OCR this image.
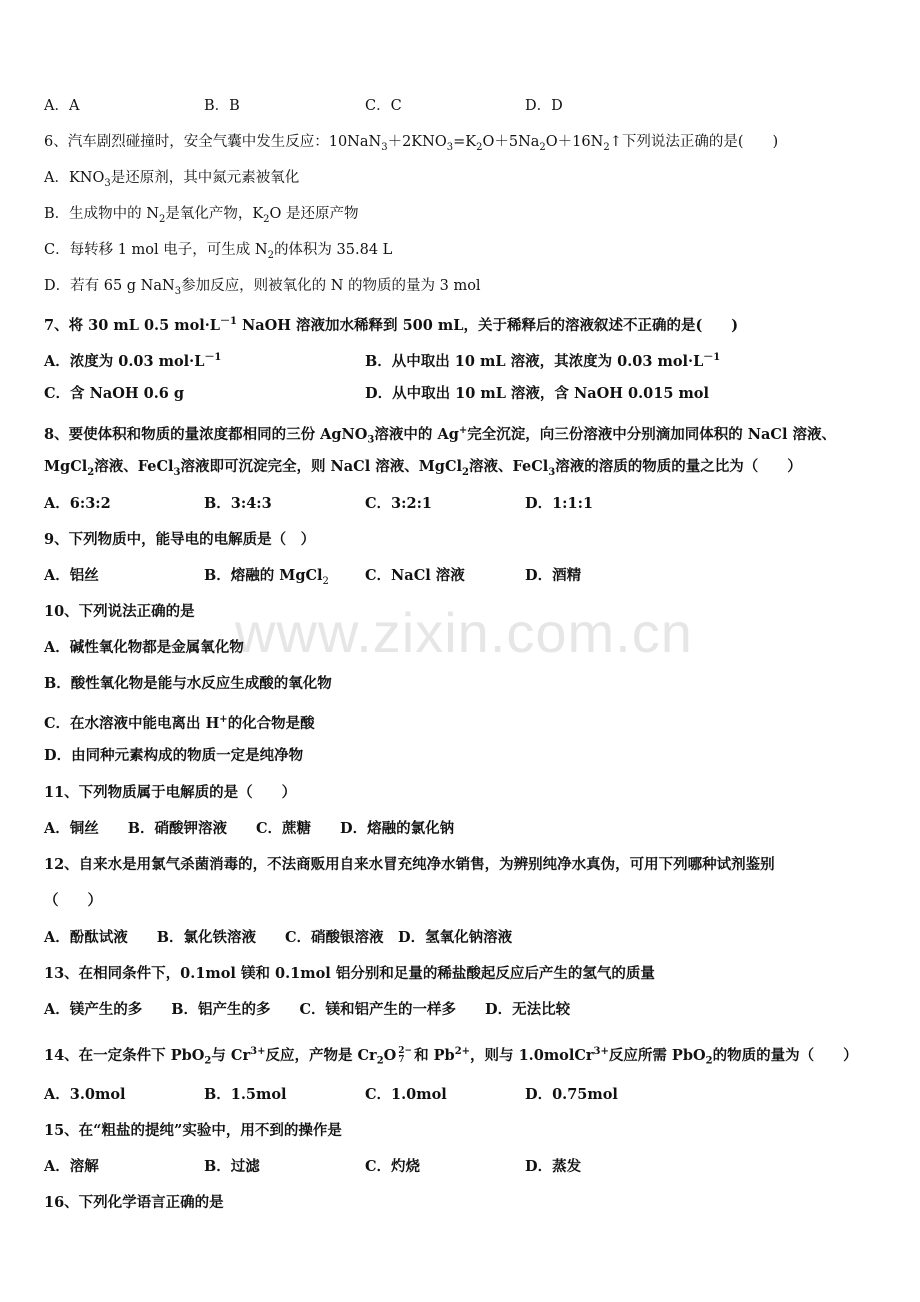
www.zixin.com.cn
A．A	B．B	C．C	D．D
6、汽车剧烈碰撞时，安全气囊中发生反应：$10NaN_3+2KNO_3=K_2O+5Na_2O+16N_2↑$下列说法正确的是(　　)
A．$KNO_3$是还原剂，其中氮元素被氧化
B．生成物中的 $N_2$是氧化产物，$K_2O$ 是还原产物
C．每转移 1 mol 电子，可生成 $N_2$的体积为 35.84 L
D．若有 65 g NaN$_3$参加反应，则被氧化的 N 的物质的量为 3 mol
7、将 30 mL 0.5 $mol\cdot L^{-1}$ NaOH 溶液加水稀释到 500 mL，关于稀释后的溶液叙述不正确的是(　　)
A．浓度为 0.03 $mol\cdot L^{-1}$	B．从中取出 10 mL 溶液，其浓度为 0.03 $mol\cdot L^{-1}$
C．含 NaOH 0.6 g	D．从中取出 10 mL 溶液，含 NaOH 0.015 mol
8、要使体积和物质的量浓度都相同的三份 AgNO$_3$溶液中的 Ag+完全沉淀，向三份溶液中分别滴加同体积的 NaCl 溶液、
MgCl$_2$溶液、FeCl$_3$溶液即可沉淀完全，则 NaCl 溶液、MgCl$_2$溶液、FeCl$_3$溶液的溶质的物质的量之比为（　　）
A．6:3:2	B．3:4:3	C．3:2:1	D．1:1:1
9、下列物质中，能导电的电解质是（　）
A．铝丝	B．熔融的 MgCl$_2$ C．NaCl 溶液	D．酒精
10、下列说法正确的是
A．碱性氧化物都是金属氧化物
B．酸性氧化物是能与水反应生成酸的氧化物
C．在水溶液中能电离出 H+的化合物是酸
D．由同种元素构成的物质一定是纯净物
11、下列物质属于电解质的是（　　）
A．铜丝　　B．硝酸钾溶液　　C．蔗糖　　D．熔融的氯化钠
12、自来水是用氯气杀菌消毒的，不法商贩用自来水冒充纯净水销售，为辨别纯净水真伪，可用下列哪种试剂鉴别
（　　）
A．酚酞试液　　B．氯化铁溶液　　C．硝酸银溶液　D．氢氧化钠溶液
13、在相同条件下，0.1mol 镁和 0.1mol 铝分别和足量的稀盐酸起反应后产生的氢气的质量
A．镁产生的多　　B．铝产生的多　　C．镁和铝产生的一样多　　D．无法比较
14、在一定条件下 PbO$_2$与 $Cr^{3+}$反应，产物是 $Cr_2O$ 2−
7 和 $Pb^{2+}$，则与 1.0molCr$^{3+}$反应所需 PbO$_2$的物质的量为（　　）
A．3.0mol	B．1.5mol	C．1.0mol	D．0.75mol
15、在“粗盐的提纯”实验中，用不到的操作是
A．溶解	B．过滤	C．灼烧	D．蒸发
16、下列化学语言正确的是
